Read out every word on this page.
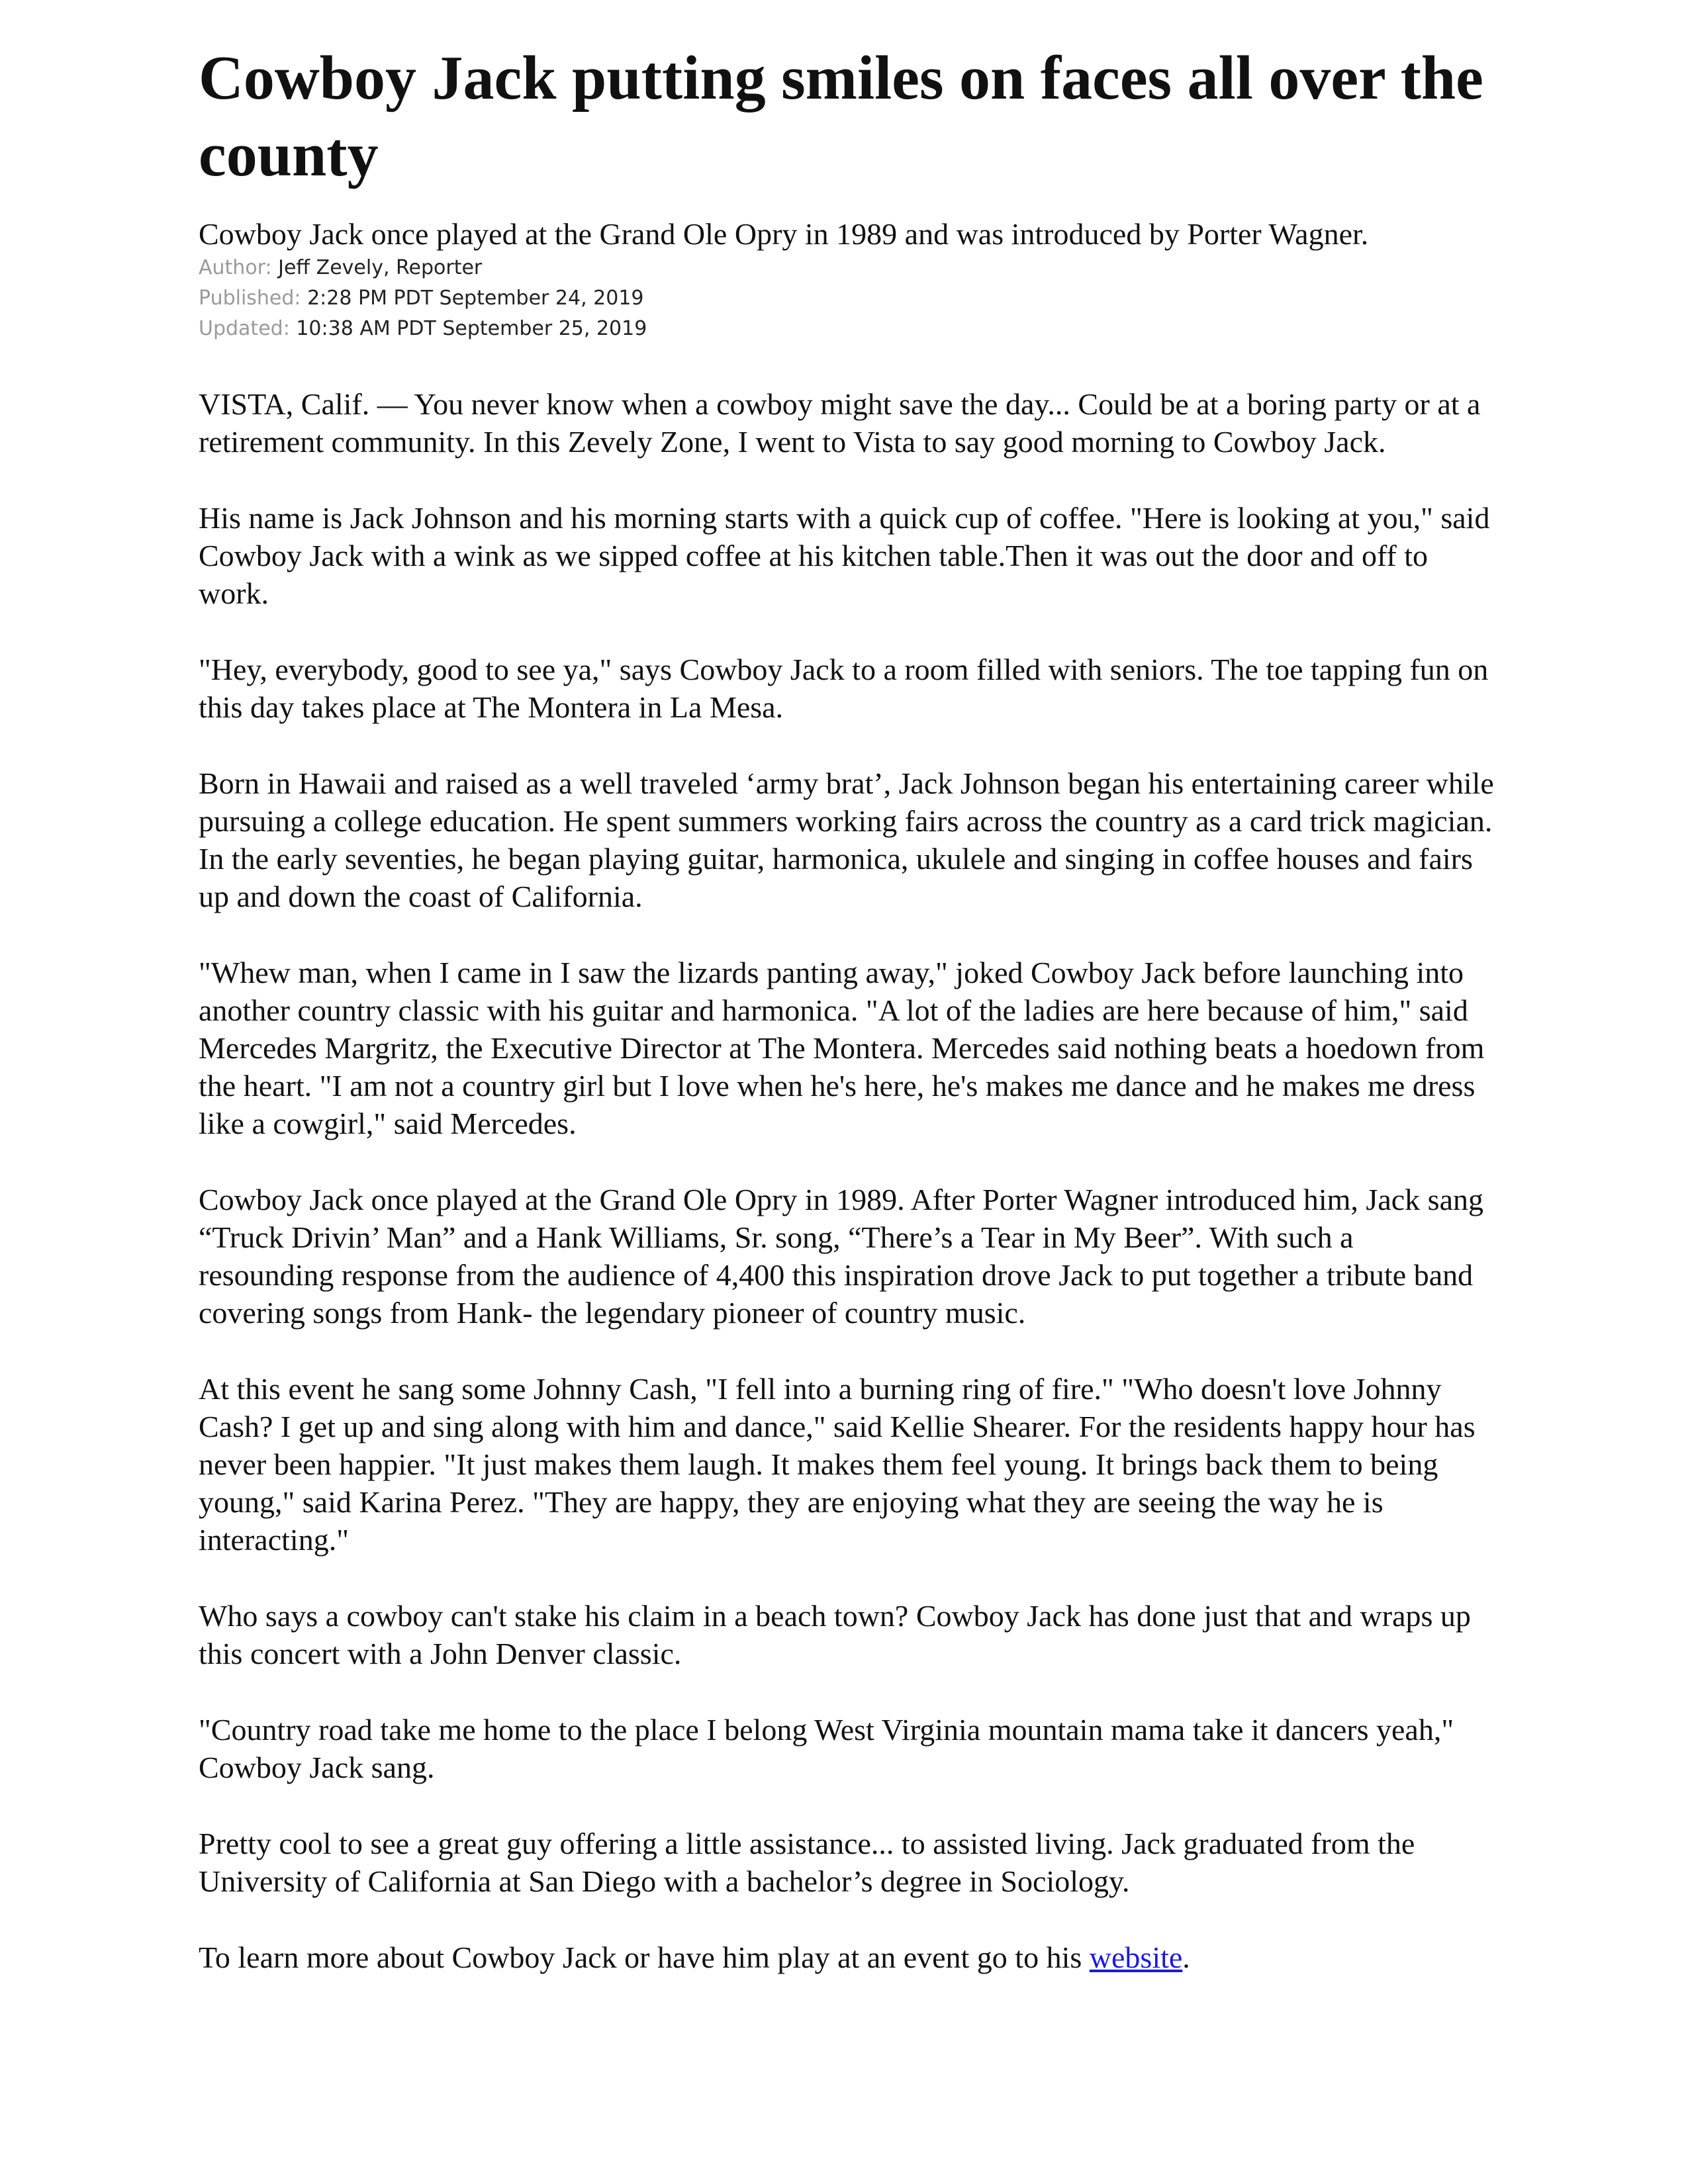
Cowboy Jack putting smiles on faces all over the county

Cowboy Jack once played at the Grand Ole Opry in 1989 and was introduced by Porter Wagner.

Author: Jeff Zevely, Reporter

Published: 2:28 PM PDT September 24, 2019

Updated: 10:38 AM PDT September 25, 2019

VISTA, Calif. — You never know when a cowboy might save the day... Could be at a boring party or at a retirement community. In this Zevely Zone, I went to Vista to say good morning to Cowboy Jack.

His name is Jack Johnson and his morning starts with a quick cup of coffee. "Here is looking at you," said Cowboy Jack with a wink as we sipped coffee at his kitchen table.Then it was out the door and off to work.

"Hey, everybody, good to see ya," says Cowboy Jack to a room filled with seniors. The toe tapping fun on this day takes place at The Montera in La Mesa.

Born in Hawaii and raised as a well traveled ‘army brat’, Jack Johnson began his entertaining career while pursuing a college education. He spent summers working fairs across the country as a card trick magician. In the early seventies, he began playing guitar, harmonica, ukulele and singing in coffee houses and fairs up and down the coast of California.

"Whew man, when I came in I saw the lizards panting away," joked Cowboy Jack before launching into another country classic with his guitar and harmonica. "A lot of the ladies are here because of him," said Mercedes Margritz, the Executive Director at The Montera. Mercedes said nothing beats a hoedown from the heart. "I am not a country girl but I love when he's here, he's makes me dance and he makes me dress like a cowgirl," said Mercedes.

Cowboy Jack once played at the Grand Ole Opry in 1989. After Porter Wagner introduced him, Jack sang “Truck Drivin’ Man” and a Hank Williams, Sr. song, “There’s a Tear in My Beer”. With such a resounding response from the audience of 4,400 this inspiration drove Jack to put together a tribute band covering songs from Hank- the legendary pioneer of country music.

At this event he sang some Johnny Cash, "I fell into a burning ring of fire." "Who doesn't love Johnny Cash? I get up and sing along with him and dance," said Kellie Shearer. For the residents happy hour has never been happier. "It just makes them laugh. It makes them feel young. It brings back them to being young," said Karina Perez. "They are happy, they are enjoying what they are seeing the way he is interacting."

Who says a cowboy can't stake his claim in a beach town? Cowboy Jack has done just that and wraps up this concert with a John Denver classic.

"Country road take me home to the place I belong West Virginia mountain mama take it dancers yeah," Cowboy Jack sang.

Pretty cool to see a great guy offering a little assistance... to assisted living. Jack graduated from the University of California at San Diego with a bachelor’s degree in Sociology.

To learn more about Cowboy Jack or have him play at an event go to his website.
